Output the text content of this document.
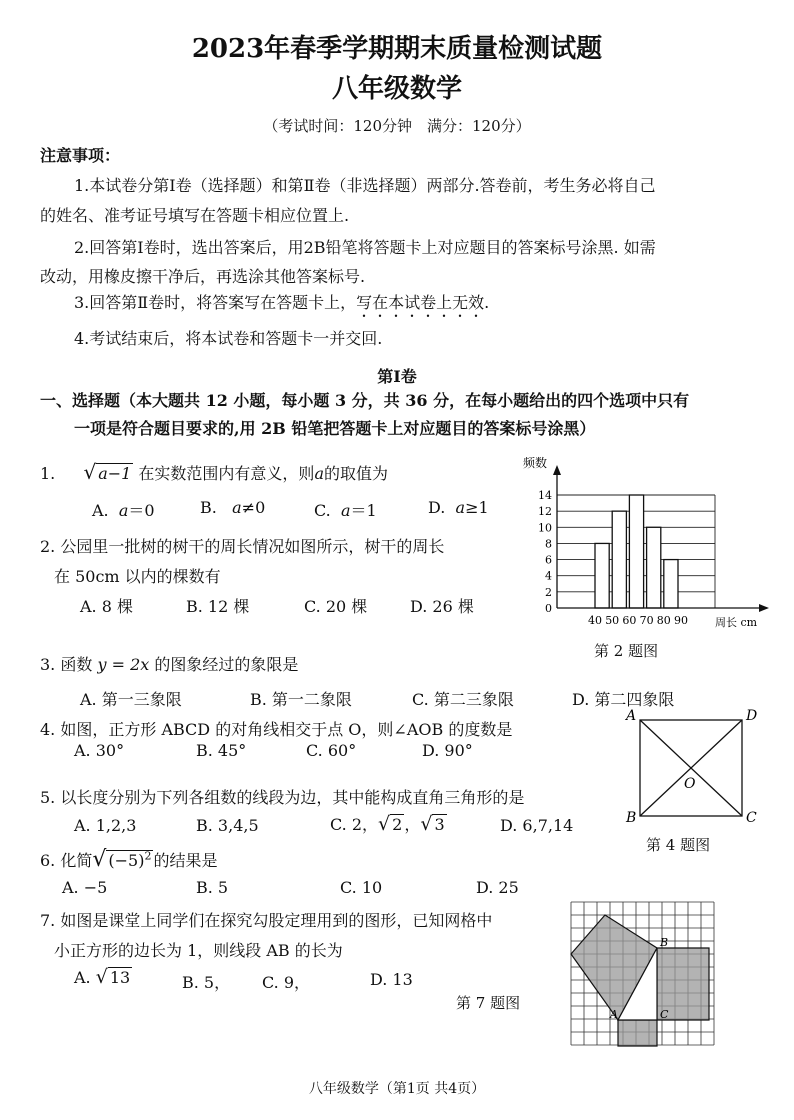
2023年春季学期期末质量检测试题
八年级数学
（考试时间：120分钟　满分：120分）
注意事项：
1.本试卷分第Ⅰ卷（选择题）和第Ⅱ卷（非选择题）两部分.答卷前，考生务必将自己
的姓名、准考证号填写在答题卡相应位置上.
2.回答第Ⅰ卷时，选出答案后，用2B铅笔将答题卡上对应题目的答案标号涂黑. 如需
改动，用橡皮擦干净后，再选涂其他答案标号.
3.回答第Ⅱ卷时，将答案写在答题卡上，写在本试卷上无效.
4.考试结束后，将本试卷和答题卡一并交回.
第Ⅰ卷
一、选择题（本大题共 12 小题，每小题 3 分，共 36 分，在每小题给出的四个选项中只有
一项是符合题目要求的,用 2B 铅笔把答题卡上对应题目的答案标号涂黑）
1. √ a−1 在实数范围内有意义，则a的取值为
A. a＝0	B. a≠0	C. a＝1	D. a≥1
2. 公园里一批树的树干的周长情况如图所示，树干的周长
在 50cm 以内的棵数有
A. 8 棵	B. 12 棵	C. 20 棵	D. 26 棵	0
2
4
6
8
10
12
14
40 50 60 70 80 90
频数
周长 cm
第 2 题图
3. 函数 y = 2x 的图象经过的象限是
A. 第一三象限	B. 第一二象限	C. 第二三象限	D. 第二四象限
4. 如图，正方形 ABCD 的对角线相交于点 O，则∠AOB 的度数是
A. 30°	B. 45°	C. 60°	D. 90°
A	D
B	C
O
第 4 题图
5. 以长度分别为下列各组数的线段为边，其中能构成直角三角形的是
A. 1,2,3	B. 3,4,5	C. 2，√ 2 ，√ 3	D. 6,7,14
6. 化简√ $(-5)^2$ 的结果是
A. −5	B. 5	C. 10	D. 25
7. 如图是课堂上同学们在探究勾股定理用到的图形，已知网格中
小正方形的边长为 1，则线段 AB 的长为
A. √ 13	B. 5， C. 9，	D. 13
第 7 题图
B
A	C
八年级数学（第1页 共4页）
